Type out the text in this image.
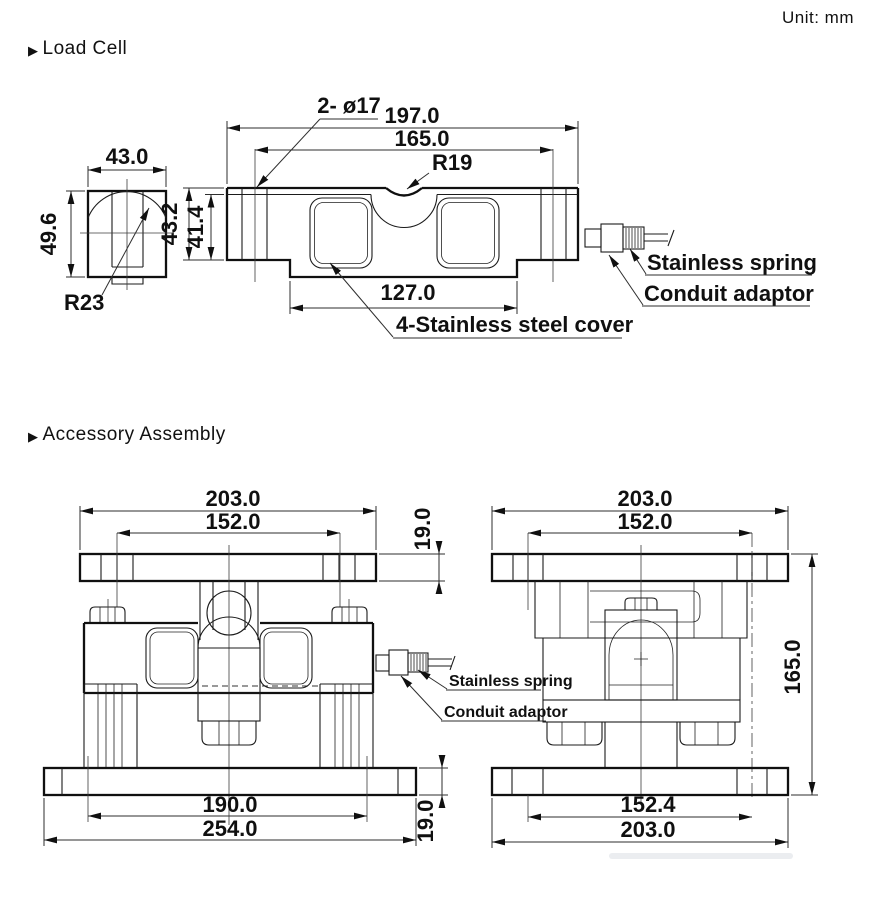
Unit: mm
▶ Load Cell
▶ Accessory Assembly
43.0
49.6
R23
197.0
165.0
R19
2- ø17
43.2 41.4
127.0
Stainless spring
Conduit adaptor
4-Stainless steel cover
203.0
152.0	19.0
190.0
254.0	19.0
Stainless spring
Conduit adaptor
203.0
152.0
165.0
152.4
203.0
